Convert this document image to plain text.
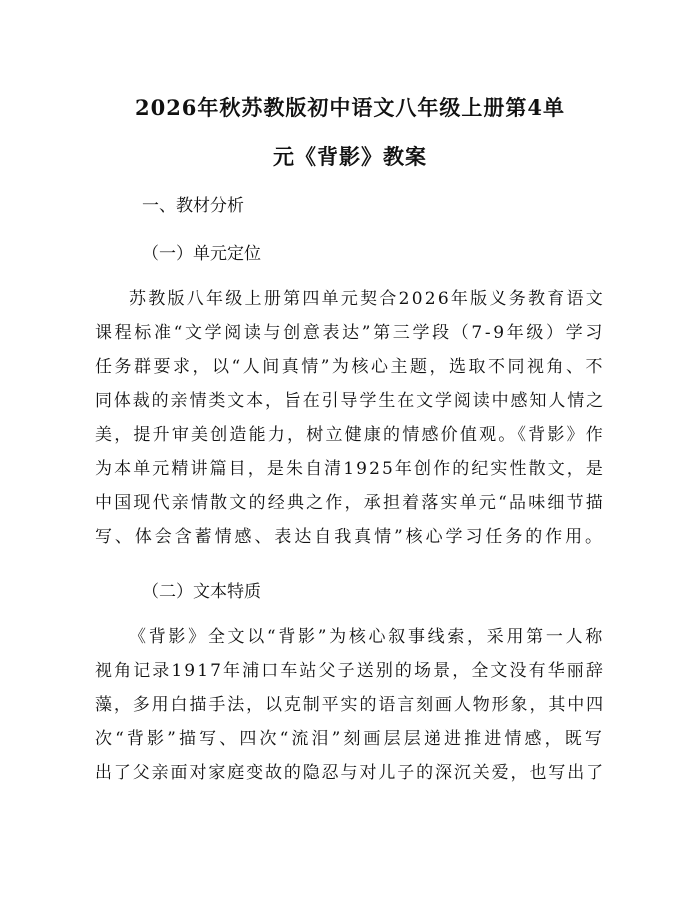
2026年秋苏教版初中语文八年级上册第4单
元《背影》教案
一、教材分析
（一）单元定位
苏教版八年级上册第四单元契合2026年版义务教育语文
课程标准“文学阅读与创意表达”第三学段（7-9年级）学习
任务群要求，以“人间真情”为核心主题，选取不同视角、不
同体裁的亲情类文本，旨在引导学生在文学阅读中感知人情之
美，提升审美创造能力，树立健康的情感价值观。《背影》作
为本单元精讲篇目，是朱自清1925年创作的纪实性散文，是
中国现代亲情散文的经典之作，承担着落实单元“品味细节描
写、体会含蓄情感、表达自我真情”核心学习任务的作用。
（二）文本特质
《背影》全文以“背影”为核心叙事线索，采用第一人称
视角记录1917年浦口车站父子送别的场景，全文没有华丽辞
藻，多用白描手法，以克制平实的语言刻画人物形象，其中四
次“背影”描写、四次“流泪”刻画层层递进推进情感，既写
出了父亲面对家庭变故的隐忍与对儿子的深沉关爱，也写出了
